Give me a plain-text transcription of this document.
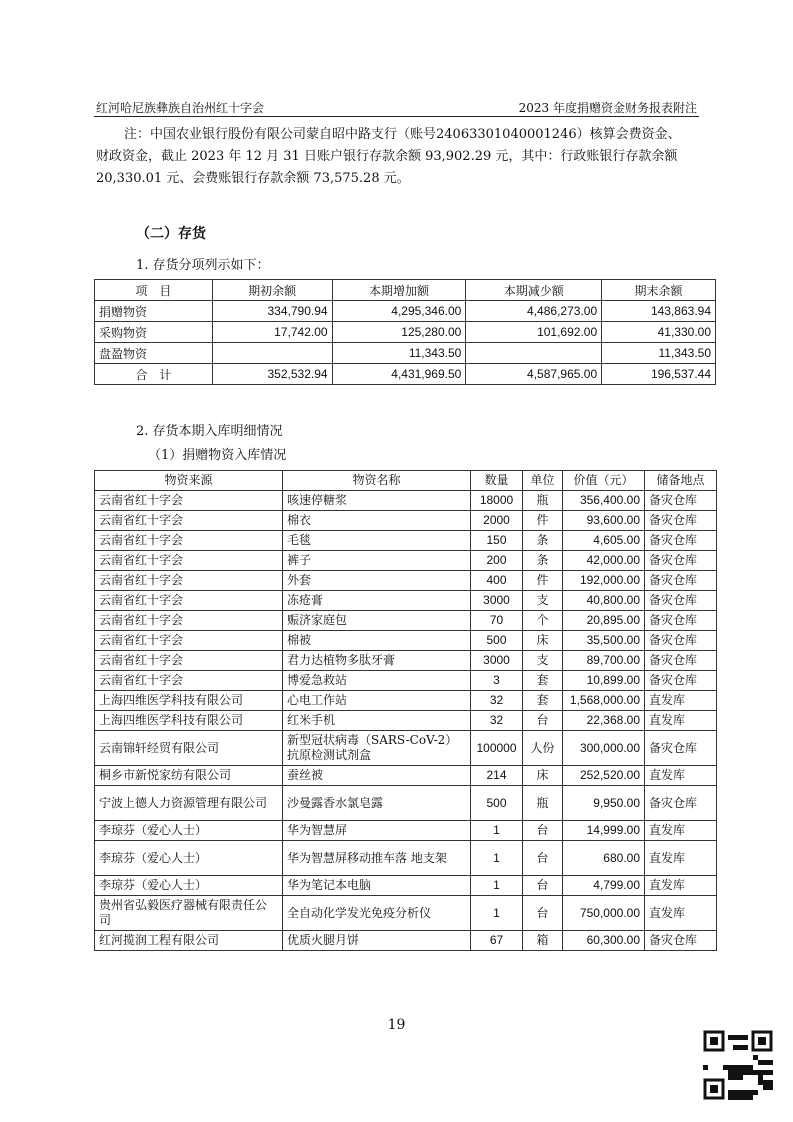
红河哈尼族彝族自治州红十字会	2023 年度捐赠资金财务报表附注

注：中国农业银行股份有限公司蒙自昭中路支行（账号24063301040001246）核算会费资金、

财政资金，截止 2023 年 12 月 31 日账户银行存款余额 93,902.29 元，其中：行政账银行存款余额

20,330.01 元、会费账银行存款余额 73,575.28 元。

（二）存货
1. 存货分项列示如下：
项　目	期初余额	本期增加额	本期减少额	期末余额
捐赠物资	334,790.94	4,295,346.00	4,486,273.00	143,863.94
采购物资	17,742.00	125,280.00	101,692.00	41,330.00
盘盈物资		11,343.50		11,343.50
合　计	352,532.94	4,431,969.50	4,587,965.00	196,537.44
2. 存货本期入库明细情况
（1）捐赠物资入库情况
物资来源	物资名称	数量	单位	价值（元）	储备地点
云南省红十字会	咳速停糖浆	18000	瓶	356,400.00	备灾仓库
云南省红十字会	棉衣	2000	件	93,600.00	备灾仓库
云南省红十字会	毛毯	150	条	4,605.00	备灾仓库
云南省红十字会	裤子	200	条	42,000.00	备灾仓库
云南省红十字会	外套	400	件	192,000.00	备灾仓库
云南省红十字会	冻疮膏	3000	支	40,800.00	备灾仓库
云南省红十字会	赈济家庭包	70	个	20,895.00	备灾仓库
云南省红十字会	棉被	500	床	35,500.00	备灾仓库
云南省红十字会	君力达植物多肽牙膏	3000	支	89,700.00	备灾仓库
云南省红十字会	博爱急救站	3	套	10,899.00	备灾仓库
上海四维医学科技有限公司	心电工作站	32	套	1,568,000.00	直发库
上海四维医学科技有限公司	红米手机	32	台	22,368.00	直发库
云南锦轩经贸有限公司	新型冠状病毒（SARS-CoV-2）抗原检测试剂盒	100000	人份	300,000.00	备灾仓库
桐乡市新悦家纺有限公司	蚕丝被	214	床	252,520.00	直发库
宁波上德人力资源管理有限公司	沙曼露香水氯皂露	500	瓶	9,950.00	备灾仓库
李琼芬（爱心人士）	华为智慧屏	1	台	14,999.00	直发库
李琼芬（爱心人士）	华为智慧屏移动推车落 地支架	1	台	680.00	直发库
李琼芬（爱心人士）	华为笔记本电脑	1	台	4,799.00	直发库
贵州省弘毅医疗器械有限责任公司	全自动化学发光免疫分析仪	1	台	750,000.00	直发库
红河揽润工程有限公司	优质火腿月饼	67	箱	60,300.00	备灾仓库
19
